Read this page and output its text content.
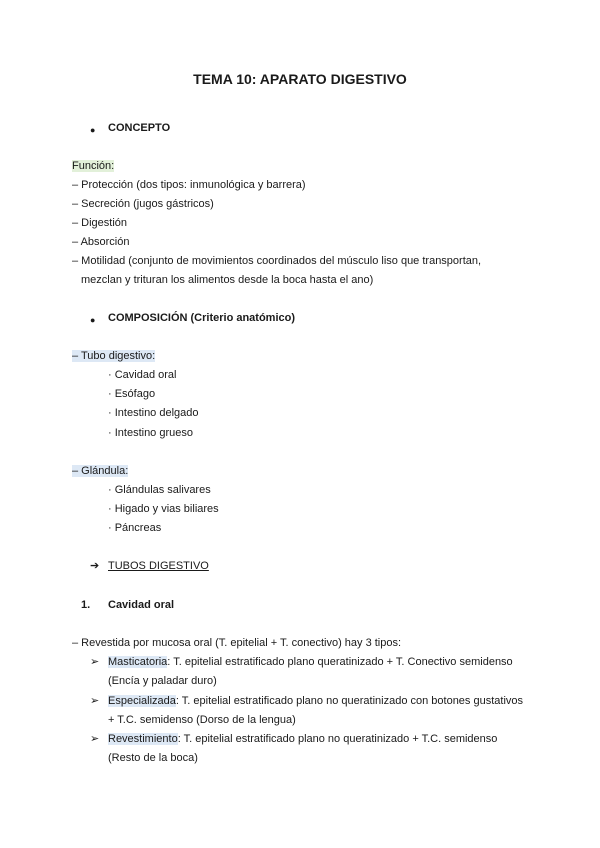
TEMA 10: APARATO DIGESTIVO
● CONCEPTO
Función:
– Protección (dos tipos: inmunológica y barrera)
– Secreción (jugos gástricos)
– Digestión
– Absorción
– Motilidad (conjunto de movimientos coordinados del músculo liso que transportan,
mezclan y trituran los alimentos desde la boca hasta el ano)
● COMPOSICIÓN (Criterio anatómico)
– Tubo digestivo:
· Cavidad oral
· Esófago
· Intestino delgado
· Intestino grueso
– Glándula:
· Glándulas salivares
· Higado y vias biliares
· Páncreas
➔ TUBOS DIGESTIVO
1. Cavidad oral
– Revestida por mucosa oral (T. epitelial + T. conectivo) hay 3 tipos:
➢ Masticatoria: T. epitelial estratificado plano queratinizado + T. Conectivo semidenso
(Encía y paladar duro)
➢ Especializada: T. epitelial estratificado plano no queratinizado con botones gustativos
+ T.C. semidenso (Dorso de la lengua)
➢ Revestimiento: T. epitelial estratificado plano no queratinizado + T.C. semidenso
(Resto de la boca)
